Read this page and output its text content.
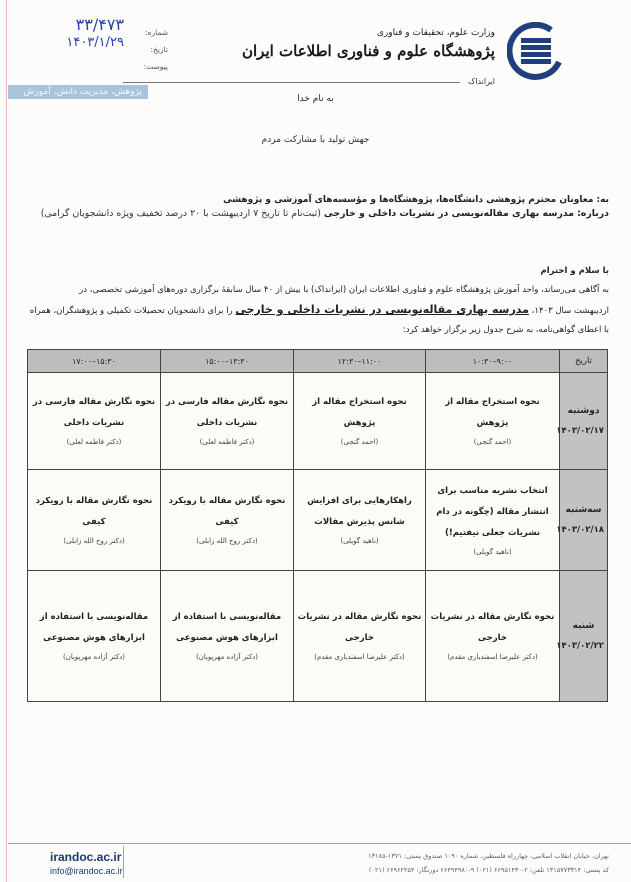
وزارت علوم، تحقیقات و فناوری
پژوهشگاه علوم و فناوری اطلاعات ایران
ایرانداک
شماره:
تاریخ:
پیوست:
۳۳/۴۷۳
۱۴۰۳/۱/۲۹
پژوهش، مدیریت دانش، آموزش
به نام خدا
جهش تولید با مشارکت مردم
به: معاونان محترم پژوهشی دانشگاه‌ها، پژوهشگاه‌ها و مؤسسه‌های آموزشی و پژوهشی
درباره: مدرسه بهاری مقاله‌نویسی در نشریات داخلی و خارجی (ثبت‌نام تا تاریخ ۷ اردیبهشت با ۲۰ درصد تخفیف ویژه دانشجویان گرامی)
با سلام و احترام
به آگاهی می‌رساند، واحد آموزش پژوهشگاه علوم و فناوری اطلاعات ایران (ایرانداک) با بیش از ۴۰ سال سابقهٔ برگزاری دوره‌های آموزشی تخصصی، در
اردیبهشت سال ۱۴۰۳، مدرسه بهاری مقاله‌نویسی در نشریات داخلی و خارجی را برای دانشجویان تحصیلات تکمیلی و پژوهشگران، همراه
با اعطای گواهی‌نامه، به شرح جدول زیر برگزار خواهد کرد:
تاریخ	۹:۰۰–۱۰:۳۰	۱۱:۰۰–۱۲:۳۰	۱۳:۳۰–۱۵:۰۰	۱۵:۳۰–۱۷:۰۰
دوشنبه
۱۴۰۳/۰۲/۱۷

نحوه استخراج مقاله از پژوهش
(احمد گنجی)

نحوه استخراج مقاله از پژوهش
(احمد گنجی)

نحوه نگارش مقاله فارسی در نشریات داخلی
(دکتر فاطمه لعلی)

نحوه نگارش مقاله فارسی در نشریات داخلی
(دکتر فاطمه لعلی)

سه‌شنبه
۱۴۰۳/۰۲/۱۸

انتخاب نشریه مناسب برای انتشار مقاله (چگونه در دام نشریات جعلی نیفتیم!)
(ناهید گویلی)

راهکارهایی برای افزایش شانس پذیرش مقالات
(ناهید گویلی)

نحوه نگارش مقاله با رویکرد کیفی
(دکتر روح الله زابلی)

نحوه نگارش مقاله با رویکرد کیفی
(دکتر روح الله زابلی)

شنبه
۱۴۰۳/۰۲/۲۲

نحوه نگارش مقاله در نشریات خارجی
(دکتر علیرضا اسفندیاری مقدم)

نحوه نگارش مقاله در نشریات خارجی
(دکتر علیرضا اسفندیاری مقدم)

مقاله‌نویسی با استفاده از ابزارهای هوش مصنوعی
(دکتر آزاده مهرپویان)

مقاله‌نویسی با استفاده از ابزارهای هوش مصنوعی
(دکتر آزاده مهرپویان)
irandoc.ac.ir
info@irandoc.ac.ir
تهران، خیابان انقلاب اسلامی، چهارراه فلسطین، شماره ۱۰۹۰ صندوق پستی: ۱۳۷۱-۱۳۱۸۵
کد پستی: ۱۳۱۵۷۷۳۳۱۴ تلفن: ۲-۶۶۹۵۱۴۳۰ (۰۲۱) ۹-۶۶۴۹۴۹۸۰ دورنگار: ۶۶۹۶۲۲۵۴ (۰۲۱)
